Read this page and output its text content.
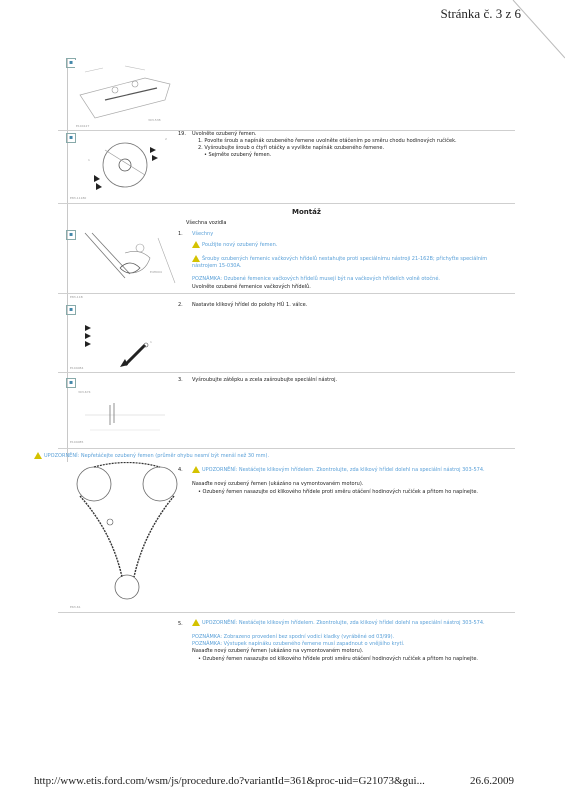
Stránka č. 3 z 6
▪
E104127
303-538
▪	2
1
E83-11180
19. Uvolněte ozubený řemen.
1. Povolte šroub a napínák ozubeného řemene uvolněte otáčením po směru chodu hodinových ručiček.
2. Vyšroubujte šroub o čtyři otáčky a vyvlíkte napínák ozubeného řemene.
• Sejměte ozubený řemen.
Montáž
Všechna vozidla
▪
E4H004
E83-11B
1. Všechny
Použijte nový ozubený řemen.
Šrouby ozubených řemenic vačkových hřídelů nestahujte proti speciálnímu nástroji 21-162B; přichyťte speciálním nástrojem 15-030A.
POZNÁMKA: Ozubené řemenice vačkových hřídelů musejí být na vačkových hřídelích volně otočné.
Uvolněte ozubené řemenice vačkových hřídelů.
▪
1
E104084
2. Nastavte klikový hřídel do polohy HÚ 1. válce.
▪
303-674
E104085
3. Vyšroubujte zátěpku a zcela zašroubujte speciální nástroj.
UPOZORNĚNÍ: Nepřetáčejte ozubený řemen (průměr ohybu nesmí být menší než 30 mm).
E63-61
4.	UPOZORNĚNÍ: Nestáčejte klikovým hřídelem. Zkontrolujte, zda klikový hřídel dolehl na speciální nástroj 303-574.
Nasaďte nový ozubený řemen (ukázáno na vymontovaném motoru).
• Ozubený řemen nasazujte od klikového hřídele proti směru otáčení hodinových ručiček a přitom ho napínejte.
5.	UPOZORNĚNÍ: Nestáčejte klikovým hřídelem. Zkontrolujte, zda klikový hřídel dolehl na speciální nástroj 303-574.
POZNÁMKA: Zobrazeno provedení bez spodní vodicí kladky (vyráběné od 03/99).
POZNÁMKA: Výstupek napínáku ozubeného řemene musí zapadnout o vnějšího krytí.
Nasaďte nový ozubený řemen (ukázáno na vymontovaném motoru).
• Ozubený řemen nasazujte od klikového hřídele proti směru otáčení hodinových ručiček a přitom ho napínejte.
http://www.etis.ford.com/wsm/js/procedure.do?variantId=361&proc-uid=G21073&gui...	26.6.2009
